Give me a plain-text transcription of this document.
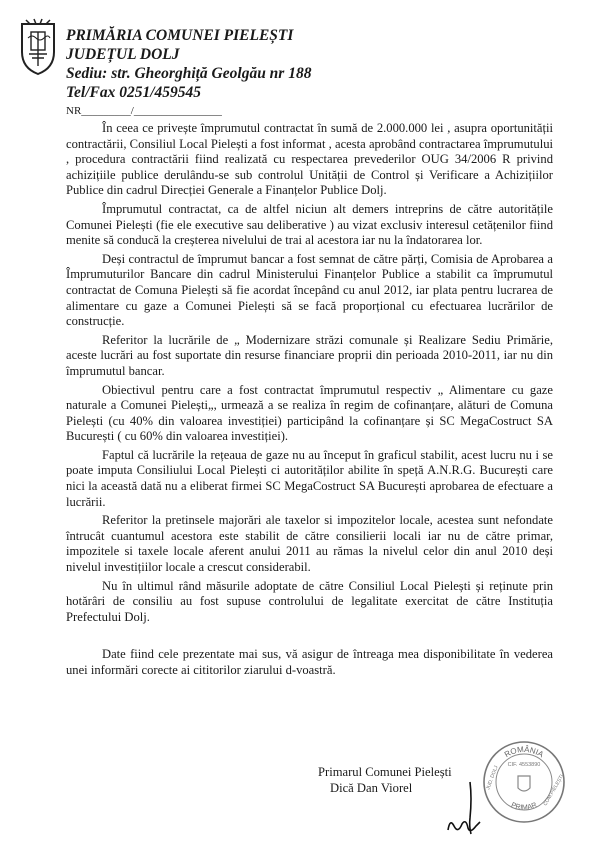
PRIMĂRIA COMUNEI PIELEȘTI
JUDEȚUL DOLJ
Sediu: str. Gheorghiță Geolgău nr 188
Tel/Fax 0251/459545
NR_________/________________

În ceea ce privește împrumutul contractat în sumă de 2.000.000 lei , asupra oportunității contractării, Consiliul Local Pielești a fost informat , acesta aprobând contractarea împrumutului , procedura contractării fiind realizată cu respectarea prevederilor OUG 34/2006 R privind achizițiile publice derulându-se sub controlul Unității de Control și Verificare a Achizițiilor Publice din cadrul Direcției Generale a Finanțelor Publice Dolj.

Împrumutul contractat, ca de altfel niciun alt demers intreprins de către autoritățile Comunei Pielești (fie ele executive sau deliberative ) au vizat exclusiv interesul cetățenilor fiind menite să conducă la creșterea nivelului de trai al acestora iar nu la îndatorarea lor.

Deși contractul de împrumut bancar a fost semnat de către părți, Comisia de Aprobarea a Împrumuturilor Bancare din cadrul Ministerului Finanțelor Publice a stabilit ca împrumutul contractat de Comuna Pielești să fie acordat începând cu anul 2012, iar plata pentru lucrarea de alimentare cu gaze a Comunei Pielești să se facă proporțional cu efectuarea lucrărilor de construcție.

Referitor la lucrările de „ Modernizare străzi comunale și Realizare Sediu Primărie, aceste lucrări au fost suportate din resurse financiare proprii din perioada 2010-2011, iar nu din împrumutul bancar.

Obiectivul pentru care a fost contractat împrumutul respectiv „ Alimentare cu gaze naturale a Comunei Pielești„, urmează a se realiza în regim de cofinanțare, alături de Comuna Pielești (cu 40% din valoarea investiției) participând la cofinanțare și SC MegaCostruct SA București ( cu 60% din valoarea investiției).

Faptul că lucrările la rețeaua de gaze nu au început în graficul stabilit, acest lucru nu i se poate imputa Consiliului Local Pielești ci autorităților abilite în speță A.N.R.G. București care nici la această dată nu a eliberat firmei SC MegaCostruct SA București aprobarea de efectuare a lucrării.

Referitor la pretinsele majorări ale taxelor si impozitelor locale, acestea sunt nefondate întrucât cuantumul acestora este stabilit de către consilierii locali iar nu de către primar, impozitele si taxele locale aferent anului 2011 au rămas la nivelul celor din anul 2010 deși nivelul investițiilor locale a crescut considerabil.

Nu în ultimul rând măsurile adoptate de către Consiliul Local Pielești și reținute prin hotărâri de consiliu au fost supuse controlului de legalitate exercitat de către Instituția Prefectului Dolj.

Date fiind cele prezentate mai sus, vă asigur de întreaga mea disponibilitate în vederea unei informări corecte ai cititorilor ziarului d-voastră.

Primarul Comunei Pielești
Dică Dan Viorel
ROMÂNIA
PRIMAR
CIF. 4553890
JUD. DOLJ	COM.PIELEȘTI
